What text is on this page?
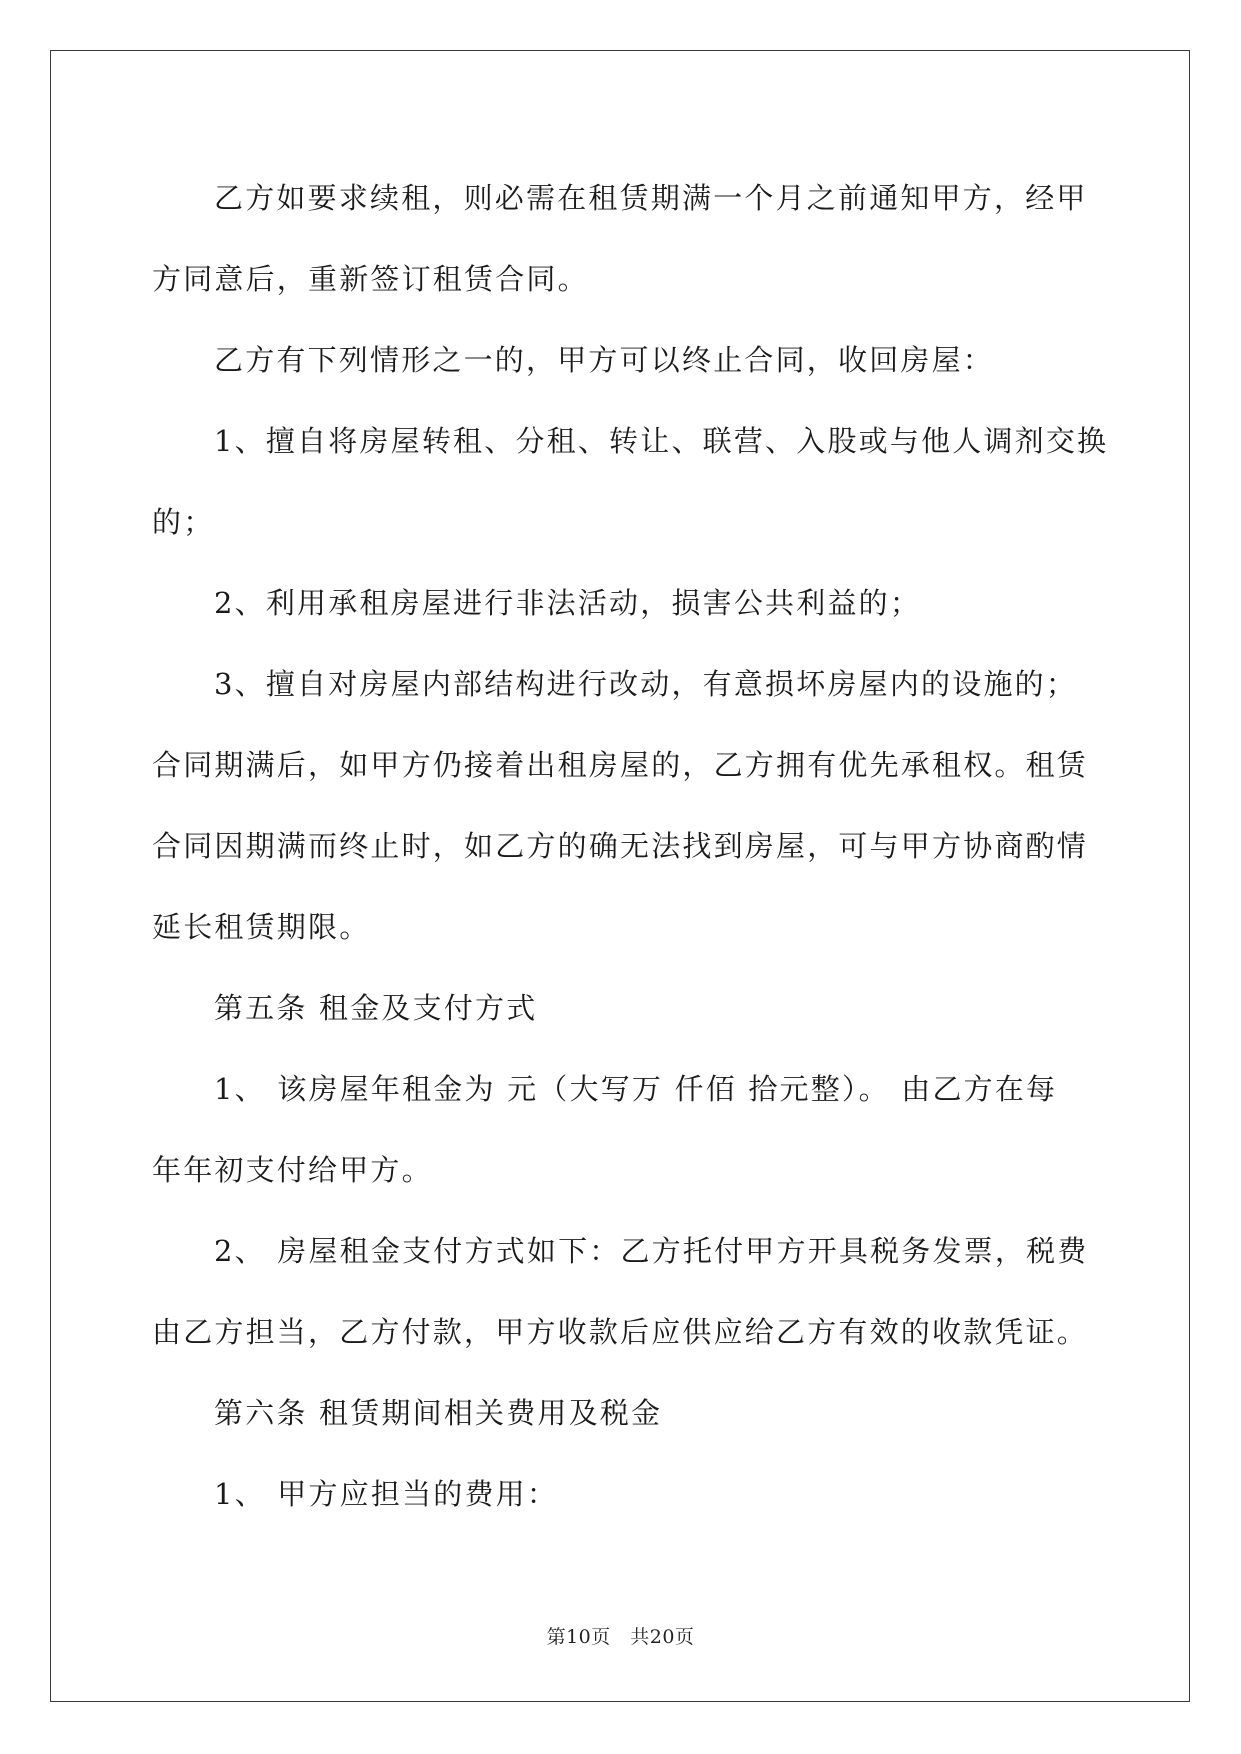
乙方如要求续租，则必需在租赁期满一个月之前通知甲方，经甲
方同意后，重新签订租赁合同。
乙方有下列情形之一的，甲方可以终止合同，收回房屋：
1、擅自将房屋转租、分租、转让、联营、入股或与他人调剂交换
的；
2、利用承租房屋进行非法活动，损害公共利益的；
3、擅自对房屋内部结构进行改动，有意损坏房屋内的设施的；
合同期满后，如甲方仍接着出租房屋的，乙方拥有优先承租权。租赁
合同因期满而终止时，如乙方的确无法找到房屋，可与甲方协商酌情
延长租赁期限。
第五条 租金及支付方式
1、 该房屋年租金为 元（大写万 仟佰 拾元整）。 由乙方在每
年年初支付给甲方。
2、 房屋租金支付方式如下：乙方托付甲方开具税务发票，税费
由乙方担当，乙方付款，甲方收款后应供应给乙方有效的收款凭证。
第六条 租赁期间相关费用及税金
1、 甲方应担当的费用：
第10页　共20页
